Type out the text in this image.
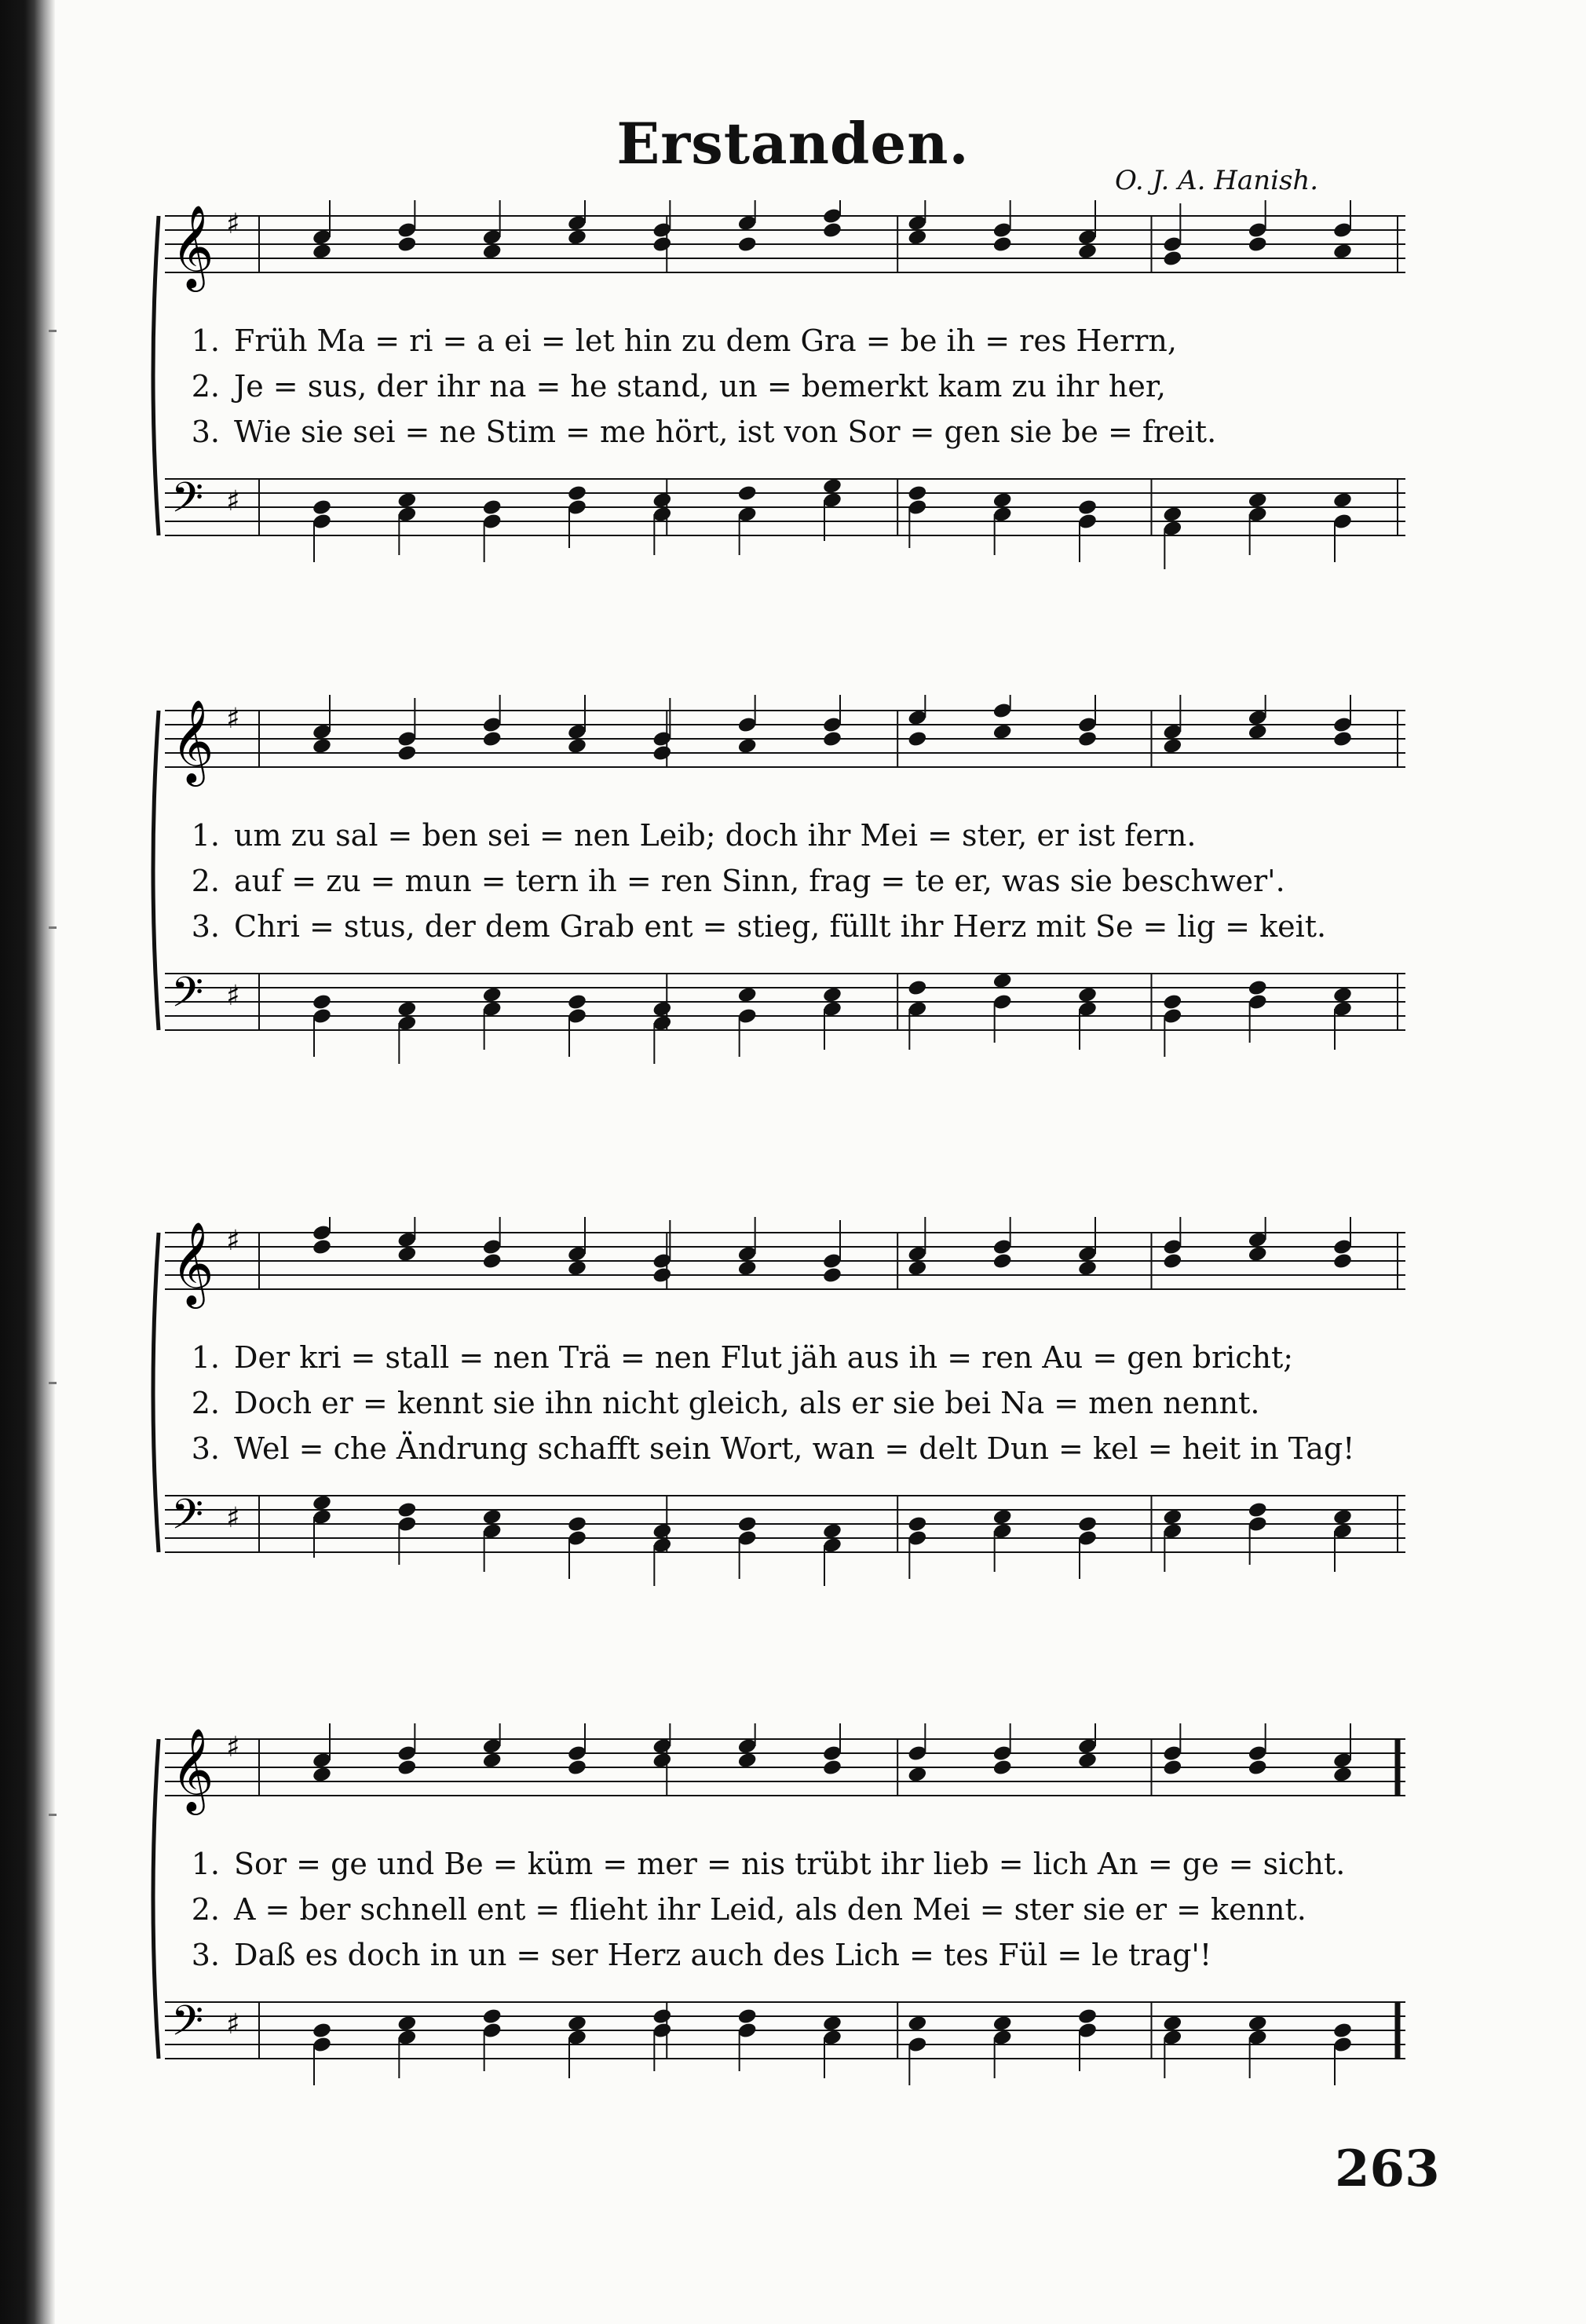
Erstanden.
O. J. A. Hanish.
𝄞 ♯
𝄢 ♯
1. Früh Ma = ri = a ei = let hin zu dem Gra = be ih = res Herrn,
2. Je = sus, der ihr na = he stand, un = bemerkt kam zu ihr her,
3. Wie sie sei = ne Stim = me hört, ist von Sor = gen sie be = freit.
𝄞 ♯
𝄢 ♯
1. um zu sal = ben sei = nen Leib; doch ihr Mei = ster, er ist fern.
2. auf = zu = mun = tern ih = ren Sinn, frag = te er, was sie beschwer'.
3. Chri = stus, der dem Grab ent = stieg, füllt ihr Herz mit Se = lig = keit.
𝄞 ♯
𝄢 ♯
1. Der kri = stall = nen Trä = nen Flut jäh aus ih = ren Au = gen bricht;
2. Doch er = kennt sie ihn nicht gleich, als er sie bei Na = men nennt.
3. Wel = che Ändrung schafft sein Wort, wan = delt Dun = kel = heit in Tag!
𝄞 ♯
𝄢 ♯
1. Sor = ge und Be = küm = mer = nis trübt ihr lieb = lich An = ge = sicht.
2. A = ber schnell ent = flieht ihr Leid, als den Mei = ster sie er = kennt.
3. Daß es doch in un = ser Herz auch des Lich = tes Fül = le trag'!
263
